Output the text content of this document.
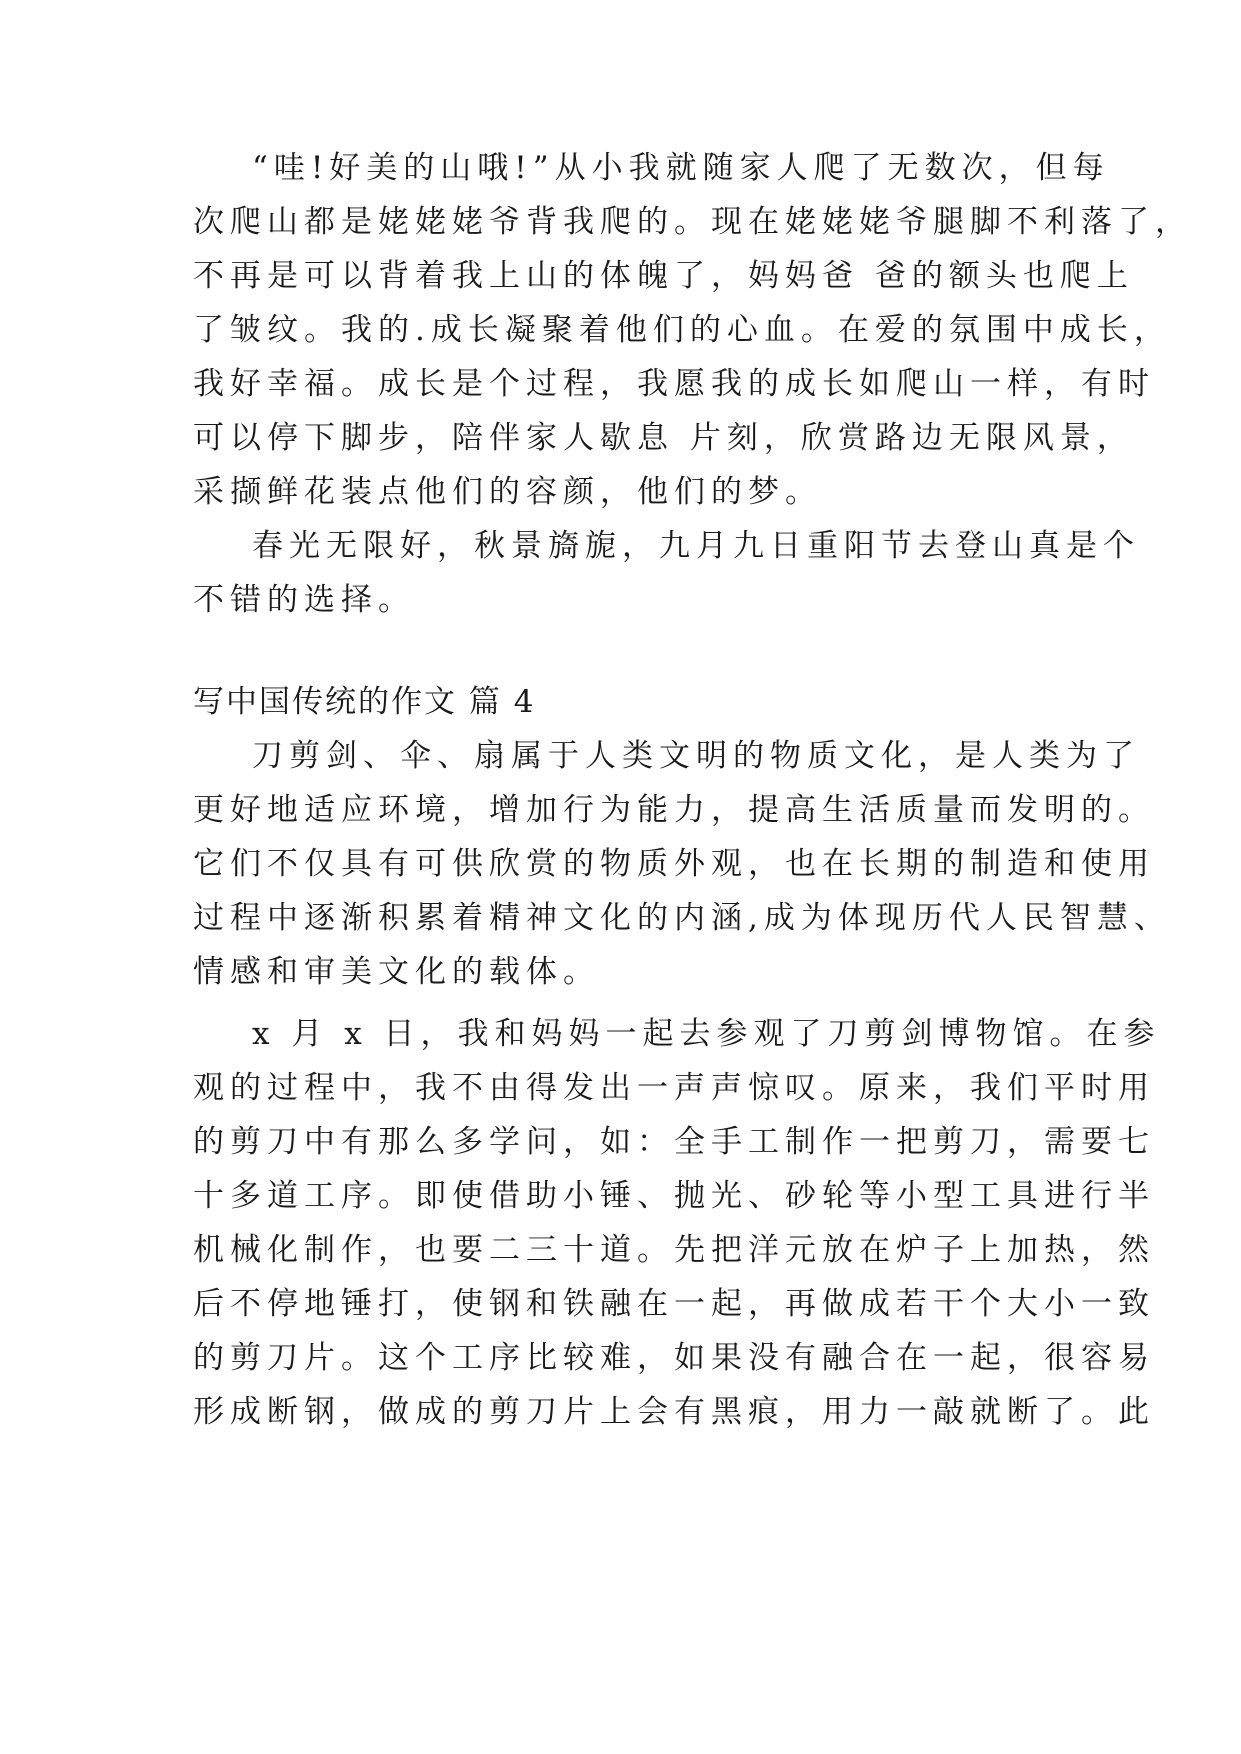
“哇!好美的山哦!”从小我就随家人爬了无数次，但每
次爬山都是姥姥姥爷背我爬的。现在姥姥姥爷腿脚不利落了，
不再是可以背着我上山的体魄了，妈妈爸 爸的额头也爬上
了皱纹。我的.成长凝聚着他们的心血。在爱的氛围中成长，
我好幸福。成长是个过程，我愿我的成长如爬山一样，有时
可以停下脚步，陪伴家人歇息 片刻，欣赏路边无限风景，
采撷鲜花装点他们的容颜，他们的梦。
春光无限好，秋景旖旎，九月九日重阳节去登山真是个
不错的选择。
写中国传统的作文 篇 4
刀剪剑、伞、扇属于人类文明的物质文化，是人类为了
更好地适应环境，增加行为能力，提高生活质量而发明的。
它们不仅具有可供欣赏的物质外观，也在长期的制造和使用
过程中逐渐积累着精神文化的内涵,成为体现历代人民智慧、
情感和审美文化的载体。
x 月 x 日，我和妈妈一起去参观了刀剪剑博物馆。在参
观的过程中，我不由得发出一声声惊叹。原来，我们平时用
的剪刀中有那么多学问，如：全手工制作一把剪刀，需要七
十多道工序。即使借助小锤、抛光、砂轮等小型工具进行半
机械化制作，也要二三十道。先把洋元放在炉子上加热，然
后不停地锤打，使钢和铁融在一起，再做成若干个大小一致
的剪刀片。这个工序比较难，如果没有融合在一起，很容易
形成断钢，做成的剪刀片上会有黑痕，用力一敲就断了。此
